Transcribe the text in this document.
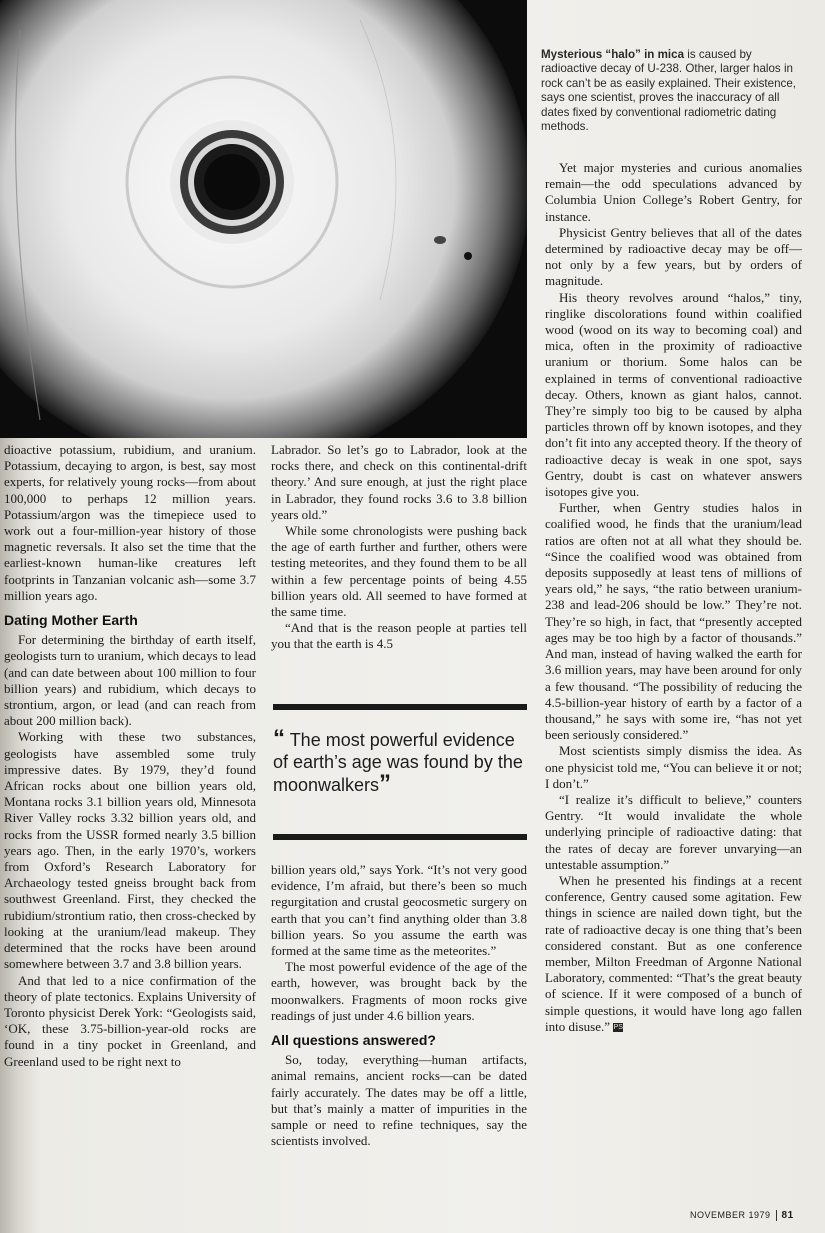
Mysterious “halo” in mica is caused by radioactive decay of U-238. Other, larger halos in rock can’t be as easily explained. Their existence, says one scientist, proves the inaccuracy of all dates fixed by conventional radiometric dating methods.

dioactive potassium, rubidium, and uranium. Potassium, decaying to argon, is best, say most experts, for relatively young rocks—from about 100,000 to perhaps 12 million years. Potassium/argon was the timepiece used to work out a four-million-year history of those magnetic reversals. It also set the time that the earliest-known human-like creatures left footprints in Tanzanian volcanic ash—some 3.7 million years ago.

Dating Mother Earth

For determining the birthday of earth itself, geologists turn to uranium, which decays to lead (and can date between about 100 million to four billion years) and rubidium, which decays to strontium, argon, or lead (and can reach from about 200 million back).

Working with these two substances, geologists have assembled some truly impressive dates. By 1979, they’d found African rocks about one billion years old, Montana rocks 3.1 billion years old, Minnesota River Valley rocks 3.32 billion years old, and rocks from the USSR formed nearly 3.5 billion years ago. Then, in the early 1970’s, workers from Oxford’s Research Laboratory for Archaeology tested gneiss brought back from southwest Greenland. First, they checked the rubidium/strontium ratio, then cross-checked by looking at the uranium/lead makeup. They determined that the rocks have been around somewhere between 3.7 and 3.8 billion years.

And that led to a nice confirmation of the theory of plate tectonics. Explains University of Toronto physicist Derek York: “Geologists said, ‘OK, these 3.75-billion-year-old rocks are found in a tiny pocket in Greenland, and Greenland used to be right next to

Labrador. So let’s go to Labrador, look at the rocks there, and check on this continental-drift theory.’ And sure enough, at just the right place in Labrador, they found rocks 3.6 to 3.8 billion years old.”

While some chronologists were pushing back the age of earth further and further, others were testing meteorites, and they found them to be all within a few percentage points of being 4.55 billion years old. All seemed to have formed at the same time.

“And that is the reason people at parties tell you that the earth is 4.5

“ The most powerful evidence of earth’s age was found by the moonwalkers”

billion years old,” says York. “It’s not very good evidence, I’m afraid, but there’s been so much regurgitation and crustal geocosmetic surgery on earth that you can’t find anything older than 3.8 billion years. So you assume the earth was formed at the same time as the meteorites.”

The most powerful evidence of the age of the earth, however, was brought back by the moonwalkers. Fragments of moon rocks give readings of just under 4.6 billion years.

All questions answered?

So, today, everything—human artifacts, animal remains, ancient rocks—can be dated fairly accurately. The dates may be off a little, but that’s mainly a matter of impurities in the sample or need to refine techniques, say the scientists involved.

Yet major mysteries and curious anomalies remain—the odd speculations advanced by Columbia Union College’s Robert Gentry, for instance.

Physicist Gentry believes that all of the dates determined by radioactive decay may be off—not only by a few years, but by orders of magnitude.

His theory revolves around “halos,” tiny, ringlike discolorations found within coalified wood (wood on its way to becoming coal) and mica, often in the proximity of radioactive uranium or thorium. Some halos can be explained in terms of conventional radioactive decay. Others, known as giant halos, cannot. They’re simply too big to be caused by alpha particles thrown off by known isotopes, and they don’t fit into any accepted theory. If the theory of radioactive decay is weak in one spot, says Gentry, doubt is cast on whatever answers isotopes give you.

Further, when Gentry studies halos in coalified wood, he finds that the uranium/lead ratios are often not at all what they should be. “Since the coalified wood was obtained from deposits supposedly at least tens of millions of years old,” he says, “the ratio between uranium-238 and lead-206 should be low.” They’re not. They’re so high, in fact, that “presently accepted ages may be too high by a factor of thousands.” And man, instead of having walked the earth for 3.6 million years, may have been around for only a few thousand. “The possibility of reducing the 4.5-billion-year history of earth by a factor of a thousand,” he says with some ire, “has not yet been seriously considered.”

Most scientists simply dismiss the idea. As one physicist told me, “You can believe it or not; I don’t.”

“I realize it’s difficult to believe,” counters Gentry. “It would invalidate the whole underlying principle of radioactive dating: that the rates of decay are forever unvarying—an untestable assumption.”

When he presented his findings at a recent conference, Gentry caused some agitation. Few things in science are nailed down tight, but the rate of radioactive decay is one thing that’s been considered constant. But as one conference member, Milton Freedman of Argonne National Laboratory, commented: “That’s the great beauty of science. If it were composed of a bunch of simple questions, it would have long ago fallen into disuse.” PS

NOVEMBER 1979 81
